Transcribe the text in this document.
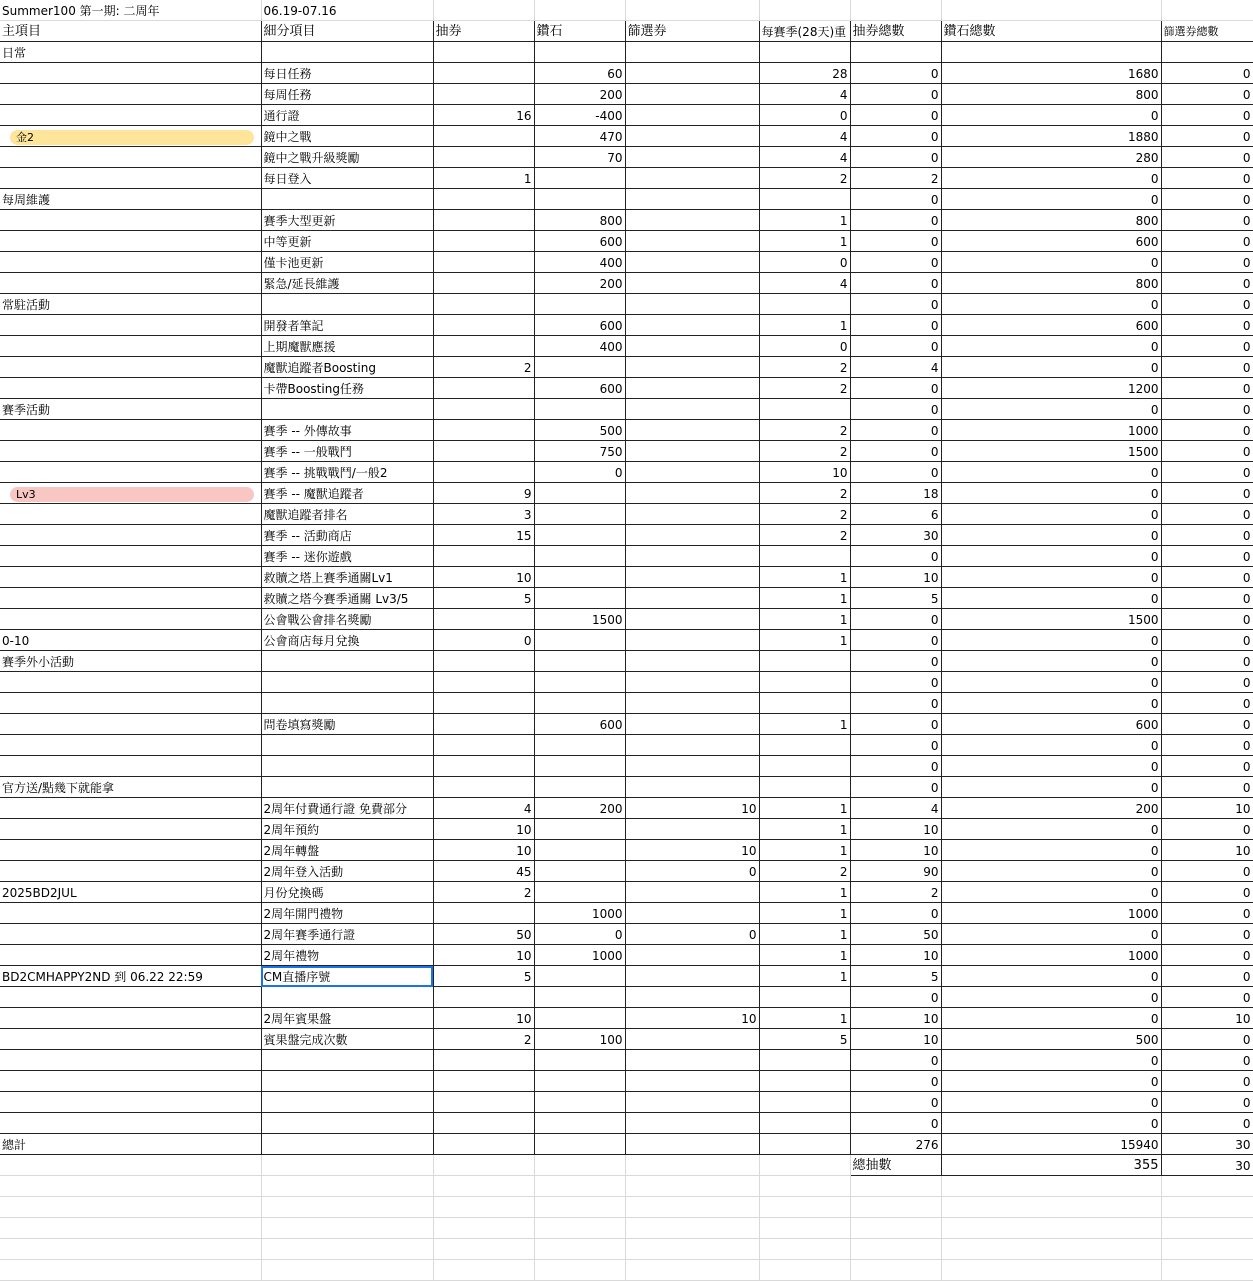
Summer100 第一期: 二周年	06.19-07.16							
主項目	細分項目	抽券	鑽石	篩選券	每賽季(28天)重	抽券總數	鑽石總數	篩選券總數
日常								
	每日任務		60		28	0	1680	0
	每周任務		200		4	0	800	0
	通行證	16	-400		0	0	0	0
金2	鏡中之戰		470		4	0	1880	0
	鏡中之戰升級獎勵		70		4	0	280	0
	每日登入	1			2	2	0	0
每周維護						0	0	0
	賽季大型更新		800		1	0	800	0
	中等更新		600		1	0	600	0
	僅卡池更新		400		0	0	0	0
	緊急/延長維護		200		4	0	800	0
常駐活動						0	0	0
	開發者筆記		600		1	0	600	0
	上期魔獸應援		400		0	0	0	0
	魔獸追蹤者Boosting	2			2	4	0	0
	卡帶Boosting任務		600		2	0	1200	0
賽季活動						0	0	0
	賽季 -- 外傳故事		500		2	0	1000	0
	賽季 -- 一般戰鬥		750		2	0	1500	0
	賽季 -- 挑戰戰鬥/一般2		0		10	0	0	0
Lv3	賽季 -- 魔獸追蹤者	9			2	18	0	0
	魔獸追蹤者排名	3			2	6	0	0
	賽季 -- 活動商店	15			2	30	0	0
	賽季 -- 迷你遊戲					0	0	0
	救贖之塔上賽季通關Lv1	10			1	10	0	0
	救贖之塔今賽季通關 Lv3/5	5			1	5	0	0
	公會戰公會排名獎勵		1500		1	0	1500	0
0-10	公會商店每月兌換	0			1	0	0	0
賽季外小活動						0	0	0
						0	0	0
						0	0	0
	問卷填寫獎勵		600		1	0	600	0
						0	0	0
						0	0	0
官方送/點幾下就能拿						0	0	0
	2周年付費通行證 免費部分	4	200	10	1	4	200	10
	2周年預約	10			1	10	0	0
	2周年轉盤	10		10	1	10	0	10
	2周年登入活動	45		0	2	90	0	0
2025BD2JUL	月份兌換碼	2			1	2	0	0
	2周年開門禮物		1000		1	0	1000	0
	2周年賽季通行證	50	0	0	1	50	0	0
	2周年禮物	10	1000		1	10	1000	0
BD2CMHAPPY2ND 到 06.22 22:59	CM直播序號	5			1	5	0	0
						0	0	0
	2周年賓果盤	10		10	1	10	0	10
	賓果盤完成次數	2	100		5	10	500	0
						0	0	0
						0	0	0
						0	0	0
						0	0	0
總計						276	15940	30
						總抽數	355	30
